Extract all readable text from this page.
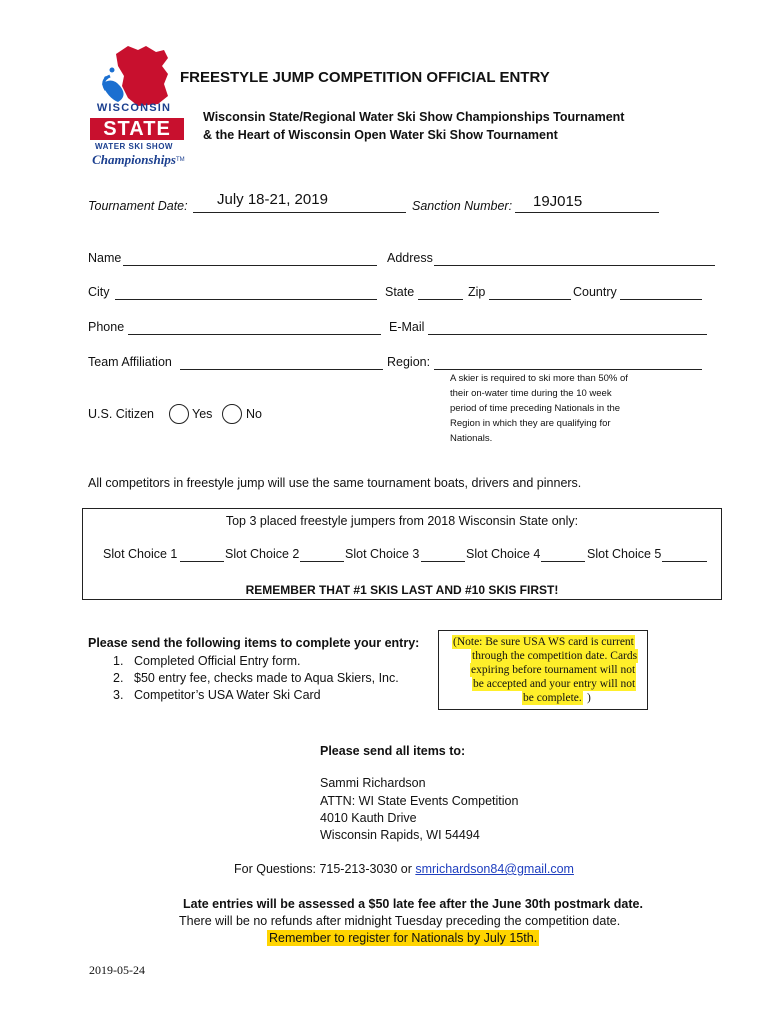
WISCONSIN
STATE
WATER SKI SHOW
Championships TM
FREESTYLE JUMP COMPETITION OFFICIAL ENTRY
Wisconsin State/Regional Water Ski Show Championships Tournament
& the Heart of Wisconsin Open Water Ski Show Tournament
Tournament Date: July 18-21, 2019	Sanction Number: 19J015
Name	Address
City	State	Zip	Country
Phone	E-Mail
Team Affiliation	Region:
A skier is required to ski more than 50% of
their on-water time during the 10 week
period of time preceding Nationals in the
Region in which they are qualifying for
Nationals.
U.S. Citizen	Yes	No
All competitors in freestyle jump will use the same tournament boats, drivers and pinners.
Top 3 placed freestyle jumpers from 2018 Wisconsin State only:
Slot Choice 1	Slot Choice 2	Slot Choice 3	Slot Choice 4	Slot Choice 5
REMEMBER THAT #1 SKIS LAST AND #10 SKIS FIRST!
Please send the following items to complete your entry:
1. Completed Official Entry form.
2. $50 entry fee, checks made to Aqua Skiers, Inc.
3. Competitor’s USA Water Ski Card
(Note: Be sure USA WS card is current
through the competition date. Cards
expiring before tournament will not
be accepted and your entry will not
be complete. )
Please send all items to:
Sammi Richardson
ATTN: WI State Events Competition
4010 Kauth Drive
Wisconsin Rapids, WI 54494
For Questions: 715-213-3030 or smrichardson84@gmail.com
Late entries will be assessed a $50 late fee after the June 30th postmark date.
There will be no refunds after midnight Tuesday preceding the competition date.
Remember to register for Nationals by July 15th.
2019-05-24
